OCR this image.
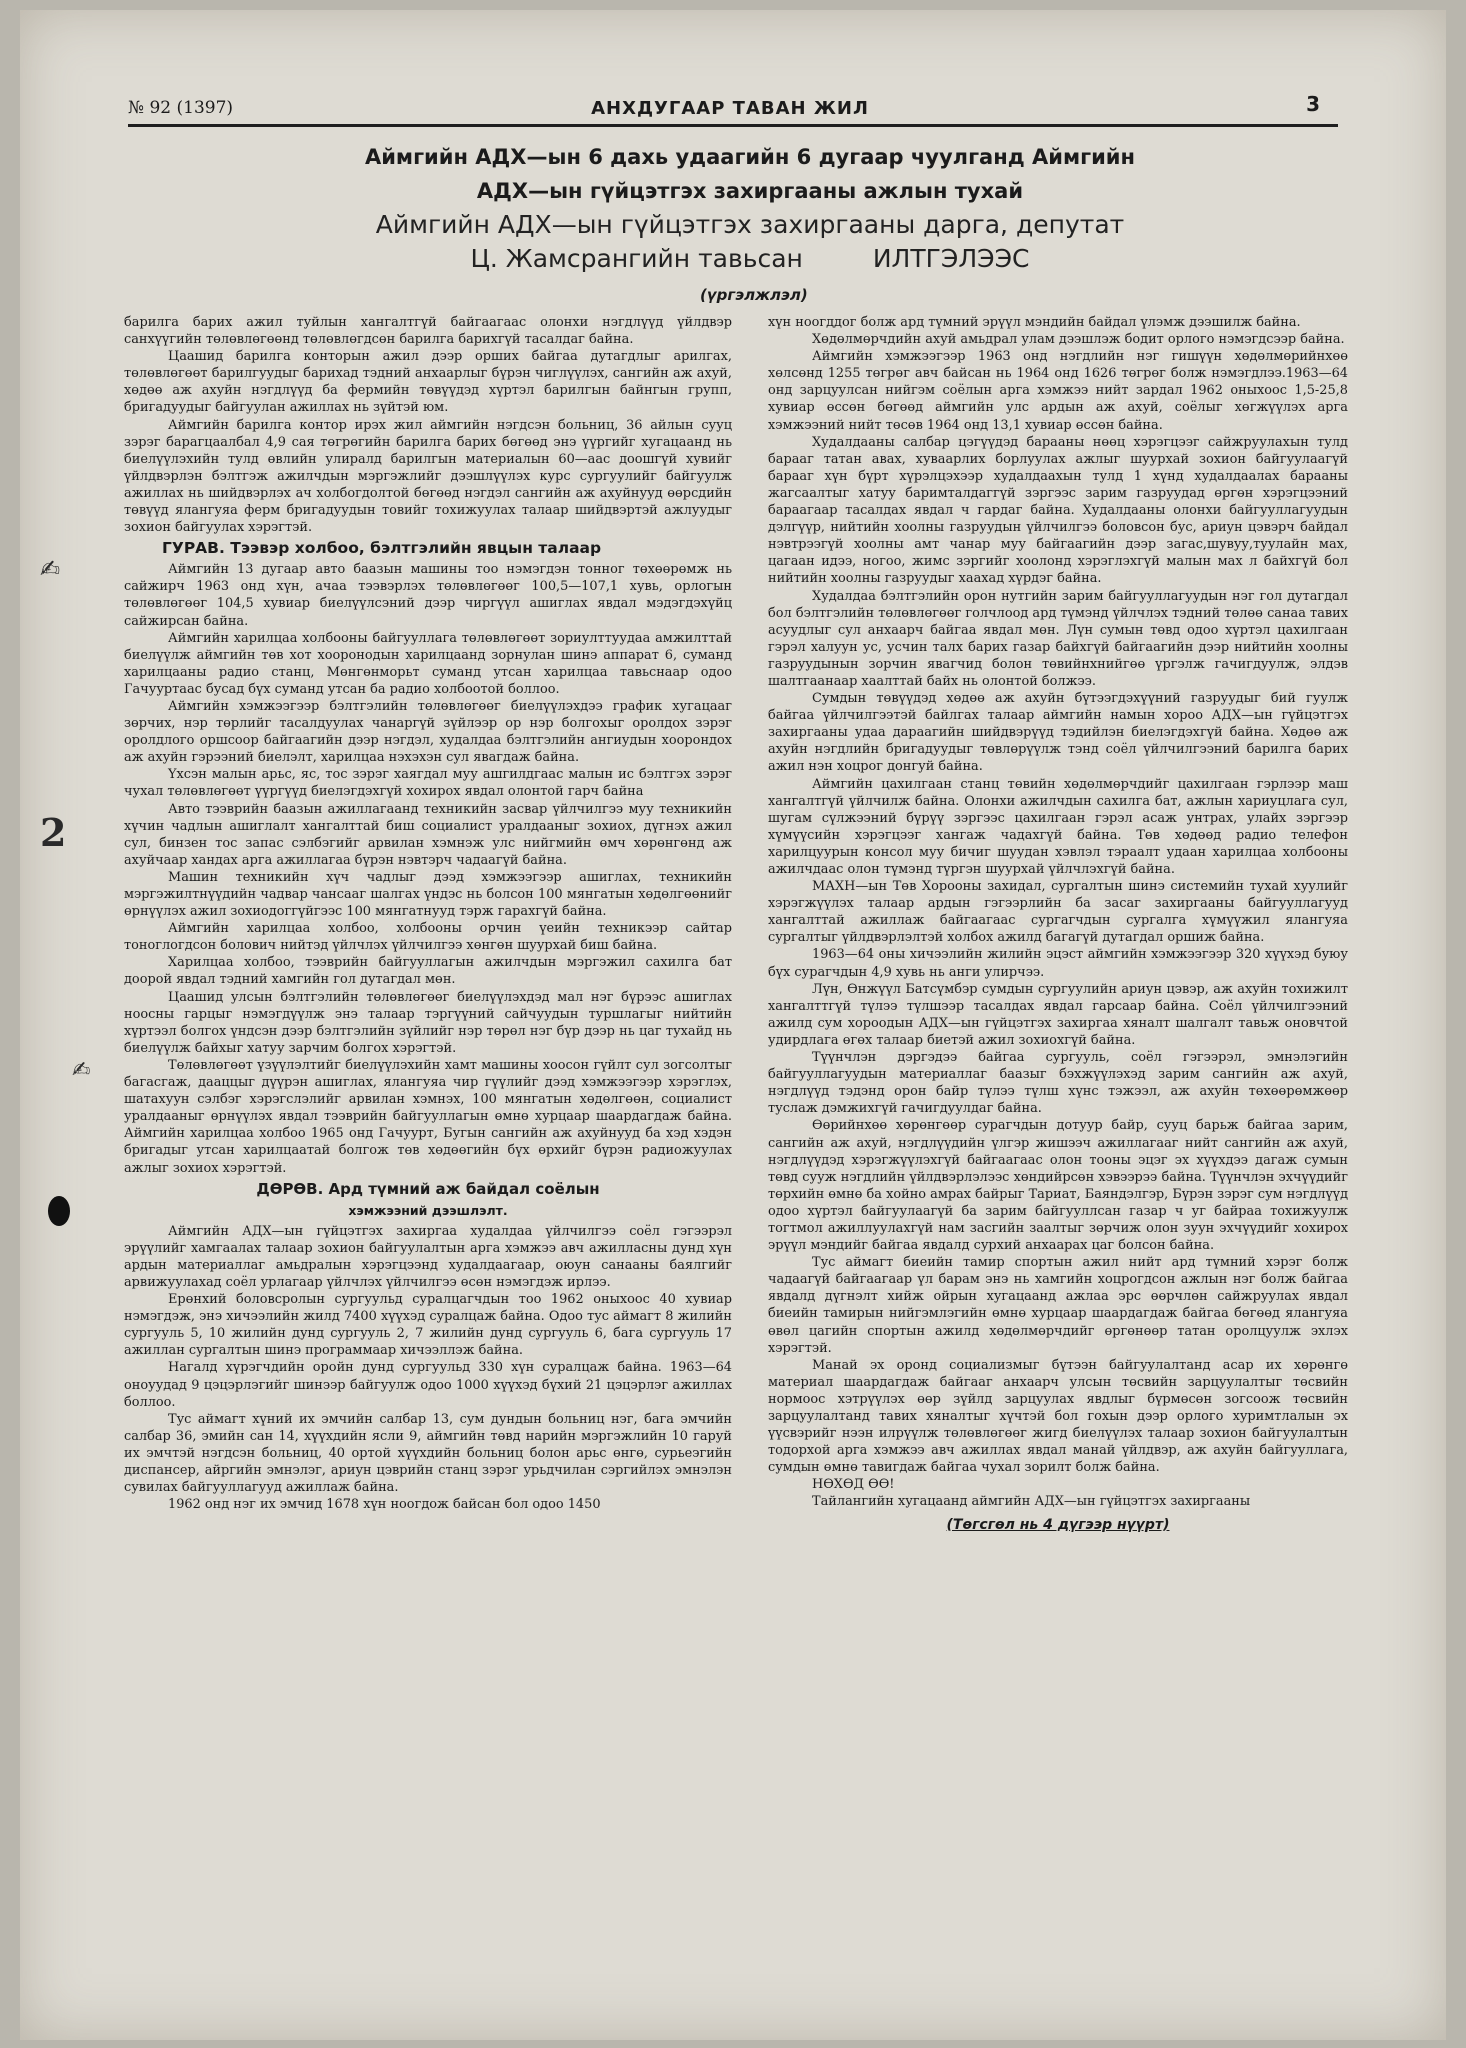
№ 92 (1397)	АНХДУГААР ТАВАН ЖИЛ	3
Аймгийн АДХ—ын 6 дахь удаагийн 6 дугаар чуулганд Аймгийн
АДХ—ын гүйцэтгэх захиргааны ажлын тухай
Аймгийн АДХ—ын гүйцэтгэх захиргааны дарга, депутат
Ц. Жамсрангийн тавьсан	ИЛТГЭЛЭЭС
(үргэлжлэл)

барилга барих ажил туйлын хангалтгүй байгаагаас олонхи нэгдлүүд үйлдвэр санхүүгийн төлөвлөгөөнд төлөвлөгдсөн барилга барихгүй тасалдаг байна.

Цаашид барилга конторын ажил дээр орших байгаа дутагдлыг арилгах, төлөвлөгөөт барилгуудыг барихад тэдний анхаарлыг бүрэн чиглүүлэх, сангийн аж ахуй, хөдөө аж ахуйн нэгдлүүд ба фермийн төвүүдэд хүртэл барилгын байнгын групп, бригадуудыг байгуулан ажиллах нь зүйтэй юм.

Аймгийн барилга контор ирэх жил аймгийн нэгдсэн больниц, 36 айлын сууц зэрэг барагцаалбал 4,9 сая төгрөгийн барилга барих бөгөөд энэ үүргийг хугацаанд нь биелүүлэхийн тулд өвлийн улиралд барилгын материалын 60—аас доошгүй хувийг үйлдвэрлэн бэлтгэж ажилчдын мэргэжлийг дээшлүүлэх курс сургуулийг байгуулж ажиллах нь шийдвэрлэх ач холбогдолтой бөгөөд нэгдэл сангийн аж ахуйнууд өөрсдийн төвүүд ялангуяа ферм бригадуудын товийг тохижуулах талаар шийдвэртэй ажлуудыг зохион байгуулах хэрэгтэй.

ГУРАВ. Тээвэр холбоо, бэлтгэлийн явцын талаар

Аймгийн 13 дугаар авто баазын машины тоо нэмэгдэн тонног төхөөрөмж нь сайжирч 1963 онд хүн, ачаа тээвэрлэх төлөвлөгөөг 100,5—107,1 хувь, орлогын төлөвлөгөөг 104,5 хувиар биелүүлсэний дээр чиргүүл ашиглах явдал мэдэгдэхүйц сайжирсан байна.

Аймгийн харилцаа холбооны байгууллага төлөвлөгөөт зориулттуудаа амжилттай биелүүлж аймгийн төв хот хооронодын харилцаанд зорнулан шинэ аппарат 6, суманд харилцааны радио станц, Мөнгөнморьт суманд утсан харилцаа тавьснаар одоо Гачууртаас бусад бүх суманд утсан ба радио холбоотой боллоо.

Аймгийн хэмжээгээр бэлтгэлийн төлөвлөгөөг биелүүлэхдээ график хугацааг зөрчих, нэр төрлийг тасалдуулах чанаргүй зүйлээр ор нэр болгохыг оролдох зэрэг оролдлого оршсоор байгаагийн дээр нэгдэл, худалдаа бэлтгэлийн ангиудын хоорондох аж ахуйн гэрээний биелэлт, харилцаа нэхэхэн сул явагдаж байна.

Үхсэн малын арьс, яс, тос зэрэг хаягдал муу ашгилдгаас малын ис бэлтгэх зэрэг чухал төлөвлөгөөт үүргүүд биелэгдэхгүй хохирох явдал олонтой гарч байна

Авто тээврийн баазын ажиллагаанд техникийн засвар үйлчилгээ муу техникийн хүчин чадлын ашиглалт хангалттай биш социалист уралдааныг зохиох, дүгнэх ажил сул, бинзен тос запас сэлбэгийг арвилан хэмнэж улс нийгмийн өмч хөрөнгөнд аж ахуйчаар хандах арга ажиллагаа бүрэн нэвтэрч чадаагүй байна.

Машин техникийн хүч чадлыг дээд хэмжээгээр ашиглах, техникийн мэргэжилтнүүдийн чадвар чансааг шалгах үндэс нь болсон 100 мянгатын хөдөлгөөнийг өрнүүлэх ажил зохиодоггүйгээс 100 мянгатнууд тэрж гарахгүй байна.

Аймгийн харилцаа холбоо, холбооны орчин үеийн техникээр сайтар тоноглогдсон болович нийтэд үйлчлэх үйлчилгээ хөнгөн шуурхай биш байна.

Харилцаа холбоо, тээврийн байгууллагын ажилчдын мэргэжил сахилга бат доорой явдал тэдний хамгийн гол дутагдал мөн.

Цаашид улсын бэлтгэлийн төлөвлөгөөг биелүүлэхдэд мал нэг бүрээс ашиглах нооcны гарцыг нэмэгдүүлж энэ талаар тэргүүний сайчуудын туршлагыг нийтийн хүртээл болгох үндсэн дээр бэлтгэлийн зүйлийг нэр төрөл нэг бүр дээр нь цаг тухайд нь биелүүлж байхыг хатуу зарчим болгох хэрэгтэй.

Төлөвлөгөөт үзүүлэлтийг биелүүлэхийн хамт машины хоосон гүйлт сул зогсолтыг багасгаж, дааццыг дүүрэн ашиглах, ялангуяа чир гүүлийг дээд хэмжээгээр хэрэглэх, шатахуун сэлбэг хэрэгслэлийг арвилан хэмнэх, 100 мянгатын хөдөлгөөн, социалист уралдааныг өрнүүлэх явдал тээврийн байгууллагын өмнө хурцаар шаардагдаж байна. Аймгийн харилцаа холбоо 1965 онд Гачуурт, Бугын сангийн аж ахуйнууд ба хэд хэдэн бригадыг утсан харилцаатай болгож төв хөдөөгийн бүх өрхийг бүрэн радиожуулах ажлыг зохиох хэрэгтэй.

ДӨРӨВ. Ард түмний аж байдал соёлын
хэмжээний дээшлэлт.

Аймгийн АДХ—ын гүйцэтгэх захиргаа худалдаа үйлчилгээ соёл гэгээрэл эрүүлийг хамгаалах талаар зохион байгуулалтын арга хэмжээ авч ажилласны дунд хүн ардын материаллаг амьдралын хэрэгцээнд худалдаагаар, оюун санааны баялгийг арвижуулахад соёл урлагаар үйлчлэх үйлчилгээ өсөн нэмэгдэж ирлээ.

Ерөнхий боловсролын сургуульд суралцагчдын тоо 1962 оныхоос 40 хувиар нэмэгдэж, энэ хичээлийн жилд 7400 хүүхэд суралцаж байна. Одоо тус аймагт 8 жилийн сургууль 5, 10 жилийн дунд сургууль 2, 7 жилийн дунд сургууль 6, бага сургууль 17 ажиллан сургалтын шинэ программаар хичээллэж байна.

Нагалд хүрэгчдийн оройн дунд сургуульд 330 хүн суралцаж байна. 1963—64 оноуудад 9 цэцэрлэгийг шинээр байгуулж одоо 1000 хүүхэд бүхий 21 цэцэрлэг ажиллах боллоо.

Тус аймагт хүний их эмчийн салбар 13, сум дундын больниц нэг, бага эмчийн салбар 36, эмийн сан 14, хүүхдийн ясли 9, аймгийн төвд нарийн мэргэжлийн 10 гаруй их эмчтэй нэгдсэн больниц, 40 ортой хүүхдийн больниц болон арьс өнгө, сурьеэгийн диспансер, айргийн эмнэлэг, ариун цэврийн станц зэрэг урьдчилан сэргийлэх эмнэлэн сувилах байгууллагууд ажиллаж байна.

1962 онд нэг их эмчид 1678 хүн ноогдож байсан бол одоо 1450

хүн ноогддог болж ард түмний эрүүл мэндийн байдал үлэмж дээшилж байна.

Хөдөлмөрчдийн ахуй амьдрал улам дээшлэж бодит орлого нэмэгдсээр байна.

Аймгийн хэмжээгээр 1963 онд нэгдлийн нэг гишүүн хөдөлмөрийнхөө хөлсөнд 1255 төгрөг авч байсан нь 1964 онд 1626 төгрөг болж нэмэгдлээ.1963—64 онд зарцуулсан нийгэм соёлын арга хэмжээ нийт зардал 1962 оныхоос 1,5-25,8 хувиар өссөн бөгөөд аймгийн улс ардын аж ахуй, соёлыг хөгжүүлэх арга хэмжээний нийт төсөв 1964 онд 13,1 хувиар өссөн байна.

Худалдааны салбар цэгүүдэд барааны нөөц хэрэгцээг сайжруулахын тулд барааг татан авах, хуваарлих борлуулах ажлыг шуурхай зохион байгуулаагүй барааг хүн бүрт хүрэлцэхээр худалдаахын тулд 1 хүнд худалдаалах барааны жагсаалтыг хатуу баримталдаггүй зэргээс зарим газруудад өргөн хэрэгцээний бараагаар тасалдах явдал ч гардаг байна. Худалдааны олонхи байгууллагуудын дэлгүүр, нийтийн хоолны газруудын үйлчилгээ боловсон бус, ариун цэвэрч байдал нэвтрээгүй хоолны амт чанар муу байгаагийн дээр загас,шувуу,туулайн мах, цагаан идээ, ногоо, жимс зэргийг хоолонд хэрэглэхгүй малын мах л байхгүй бол нийтийн хоолны газруудыг хаахад хүрдэг байна.

Худалдаа бэлтгэлийн орон нутгийн зарим байгууллагуудын нэг гол дутагдал бол бэлтгэлийн төлөвлөгөөг голчлоод ард түмэнд үйлчлэх тэдний төлөө санаа тавих асуудлыг сул анхаарч байгаа явдал мөн. Лүн сумын төвд одоо хүртэл цахилгаан гэрэл халуун ус, усчин талх барих газар байхгүй байгаагийн дээр нийтийн хоолны газруудынын зорчин явагчид болон төвийнхнийгөө үргэлж гачигдуулж, элдэв шалтгаанаар хаалттай байх нь олонтой болжээ.

Сумдын төвүүдэд хөдөө аж ахуйн бүтээгдэхүүний газруудыг бий гуулж байгаа үйлчилгээтэй байлгах талаар аймгийн намын хороо АДХ—ын гүйцэтгэх захиргааны удаа дараагийн шийдвэрүүд тэдийлэн биелэгдэхгүй байна. Хөдөө аж ахуйн нэгдлийн бригадуудыг төвлөрүүлж тэнд соёл үйлчилгээний барилга барих ажил нэн хоцрог донгуй байна.

Аймгийн цахилгаан станц төвийн хөдөлмөрчдийг цахилгаан гэрлээр маш хангалтгүй үйлчилж байна. Олонхи ажилчдын сахилга бат, ажлын хариуцлага сул, шугам сүлжээний бүрүү зэргээс цахилгаан гэрэл асаж унтрах, улайх зэргээр хүмүүсийн хэрэгцээг хангаж чадахгүй байна. Төв хөдөөд радио телефон харилцуурын консол муу бичиг шуудан хэвлэл тэраалт удаан харилцаа холбооны ажилчдаас олон түмэнд түргэн шуурхай үйлчлэхгүй байна.

МАХН—ын Төв Хорооны захидал, сургалтын шинэ системийн тухай хуулийг хэрэгжүүлэх талаар ардын гэгээрлийн ба засаг захиргааны байгууллагууд хангалттай ажиллаж байгаагаас сургагчдын сургалга хүмүүжил ялангуяа сургалтыг үйлдвэрлэлтэй холбох ажилд багагүй дутагдал оршиж байна.

1963—64 оны хичээлийн жилийн эцэст аймгийн хэмжээгээр 320 хүүхэд буюу бүх сурагчдын 4,9 хувь нь анги улирчээ.

Лүн, Өнжүүл Батсүмбэр сумдын сургуулийн ариун цэвэр, аж ахуйн тохижилт хангалттгүй түлээ түлшээр тасалдах явдал гарсаар байна. Соёл үйлчилгээний ажилд сум хороодын АДХ—ын гүйцэтгэх захиргаа хяналт шалгалт тавьж оновчтой удирдлага өгөх талаар биетэй ажил зохиохгүй байна.

Түүнчлэн дэргэдээ байгаа сургууль, соёл гэгээрэл, эмнэлэгийн байгууллагуудын материаллаг баазыг бэхжүүлэхэд зарим сангийн аж ахуй, нэгдлүүд тэдэнд орон байр түлээ түлш хүнс тэжээл, аж ахуйн төхөөрөмжөөр туслаж дэмжихгүй гачигдуулдаг байна.

Өөрийнхөө хөрөнгөөр сурагчдын дотуур байр, сууц барьж байгаа зарим, сангийн аж ахуй, нэгдлүүдийн үлгэр жишээч ажиллагааг нийт сангийн аж ахуй, нэгдлүүдэд хэрэгжүүлэхгүй байгаагаас олон тооны эцэг эх хүүхдээ дагаж сумын төвд сууж нэгдлийн үйлдвэрлэлээс хөндийрсөн хэвээрээ байна. Түүнчлэн эхчүүдийг төрхийн өмнө ба хойно амрах байрыг Тариат, Баяндэлгэр, Бүрэн зэрэг сум нэгдлүүд одоо хүртэл байгуулаагүй ба зарим байгууллсан газар ч уг байраа тохижуулж тогтмол ажиллуулахгүй нам засгийн заалтыг зөрчиж олон зуун эхчүүдийг хохирох эрүүл мэндийг байгаа явдалд сурхий анхаарах цаг болсон байна.

Тус аймагт биеийн тамир спортын ажил нийт ард түмний хэрэг болж чадаагүй байгаагаар үл барам энэ нь хамгийн хоцрогдсон ажлын нэг болж байгаа явдалд дүгнэлт хийж ойрын хугацаанд ажлаа эрс өөрчлөн сайжруулах явдал биеийн тамирын нийгэмлэгийн өмнө хурцаар шаардагдаж байгаа бөгөөд ялангуяа өвөл цагийн спортын ажилд хөдөлмөрчдийг өргөнөөр татан оролцуулж эхлэх хэрэгтэй.

Манай эх оронд социализмыг бүтээн байгуулалтанд асар их хөрөнгө материал шаардагдаж байгааг анхаарч улсын төсвийн зарцуулалтыг төсвийн нормоос хэтрүүлэх өөр зүйлд зарцуулах явдлыг бүрмөсөн зогсоож төсвийн зарцуулалтанд тавих хяналтыг хүчтэй бол гохын дээр орлого хуримтлалын эх үүсвэрийг нээн илрүүлж төлөвлөгөөг жигд биелүүлэх талаар зохион байгуулалтын тодорхой арга хэмжээ авч ажиллах явдал манай үйлдвэр, аж ахуйн байгууллага, сумдын өмнө тавигдаж байгаа чухал зорилт болж байна.

НӨХӨД ӨӨ!

Тайлангийн хугацаанд аймгийн АДХ—ын гүйцэтгэх захиргааны

(Төгсгөл нь 4 дүгээр нүүрт)
✍
2
✍
